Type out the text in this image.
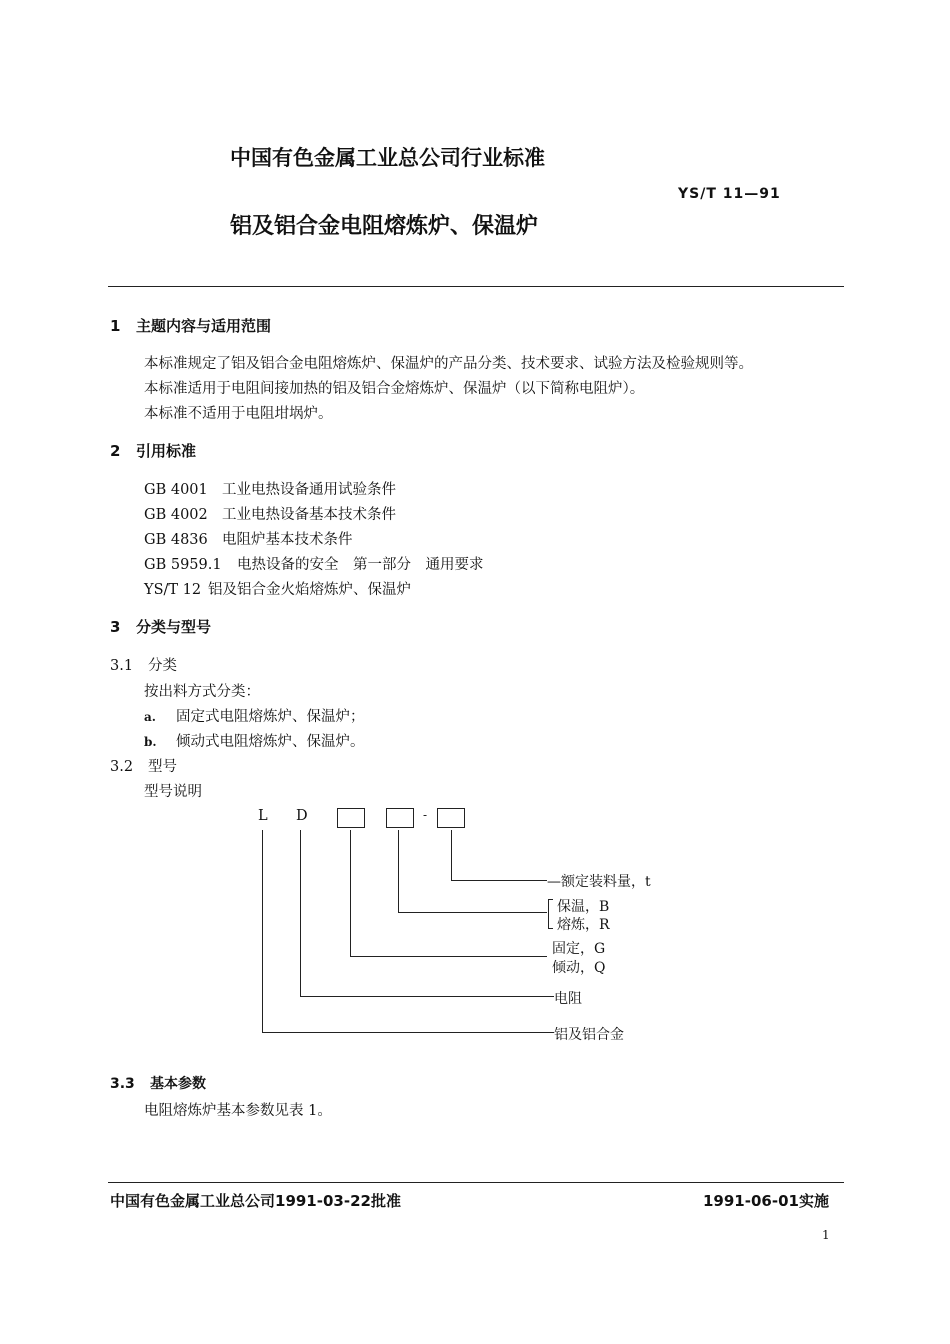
中国有色金属工业总公司行业标准
YS/T 11—91
铝及铝合金电阻熔炼炉、保温炉
1 主题内容与适用范围
本标准规定了铝及铝合金电阻熔炼炉、保温炉的产品分类、技术要求、试验方法及检验规则等。
本标准适用于电阻间接加热的铝及铝合金熔炼炉、保温炉（以下简称电阻炉）。
本标准不适用于电阻坩埚炉。
2 引用标准
GB 4001 工业电热设备通用试验条件
GB 4002 工业电热设备基本技术条件
GB 4836 电阻炉基本技术条件
GB 5959.1 电热设备的安全　第一部分　通用要求
YS/T 12 铝及铝合金火焰熔炼炉、保温炉
3 分类与型号
3.1 分类
按出料方式分类：
a. 固定式电阻熔炼炉、保温炉；
b. 倾动式电阻熔炼炉、保温炉。
3.2 型号
型号说明
L D	-
—额定装料量，t
保温，B
熔炼，R
固定，G
倾动，Q
电阻
铝及铝合金
3.3 基本参数
电阻熔炼炉基本参数见表 1。
中国有色金属工业总公司1991-03-22批准	1991-06-01实施
1
